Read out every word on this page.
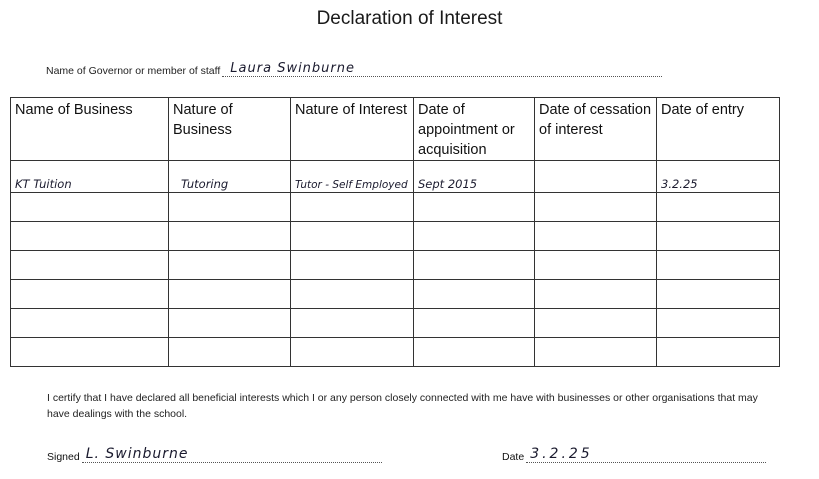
Declaration of Interest
Name of Governor or member of staff Laura Swinburne
Name of Business	Nature of Business	Nature of Interest	Date of appointment or acquisition	Date of cessation of interest	Date of entry
KT Tuition	Tutoring	Tutor - Self Employed	Sept 2015		3.2.25

I certify that I have declared all beneficial interests which I or any person closely connected with me have with businesses or other organisations that may have dealings with the school.
Signed L. Swinburne	Date 3.2.25
